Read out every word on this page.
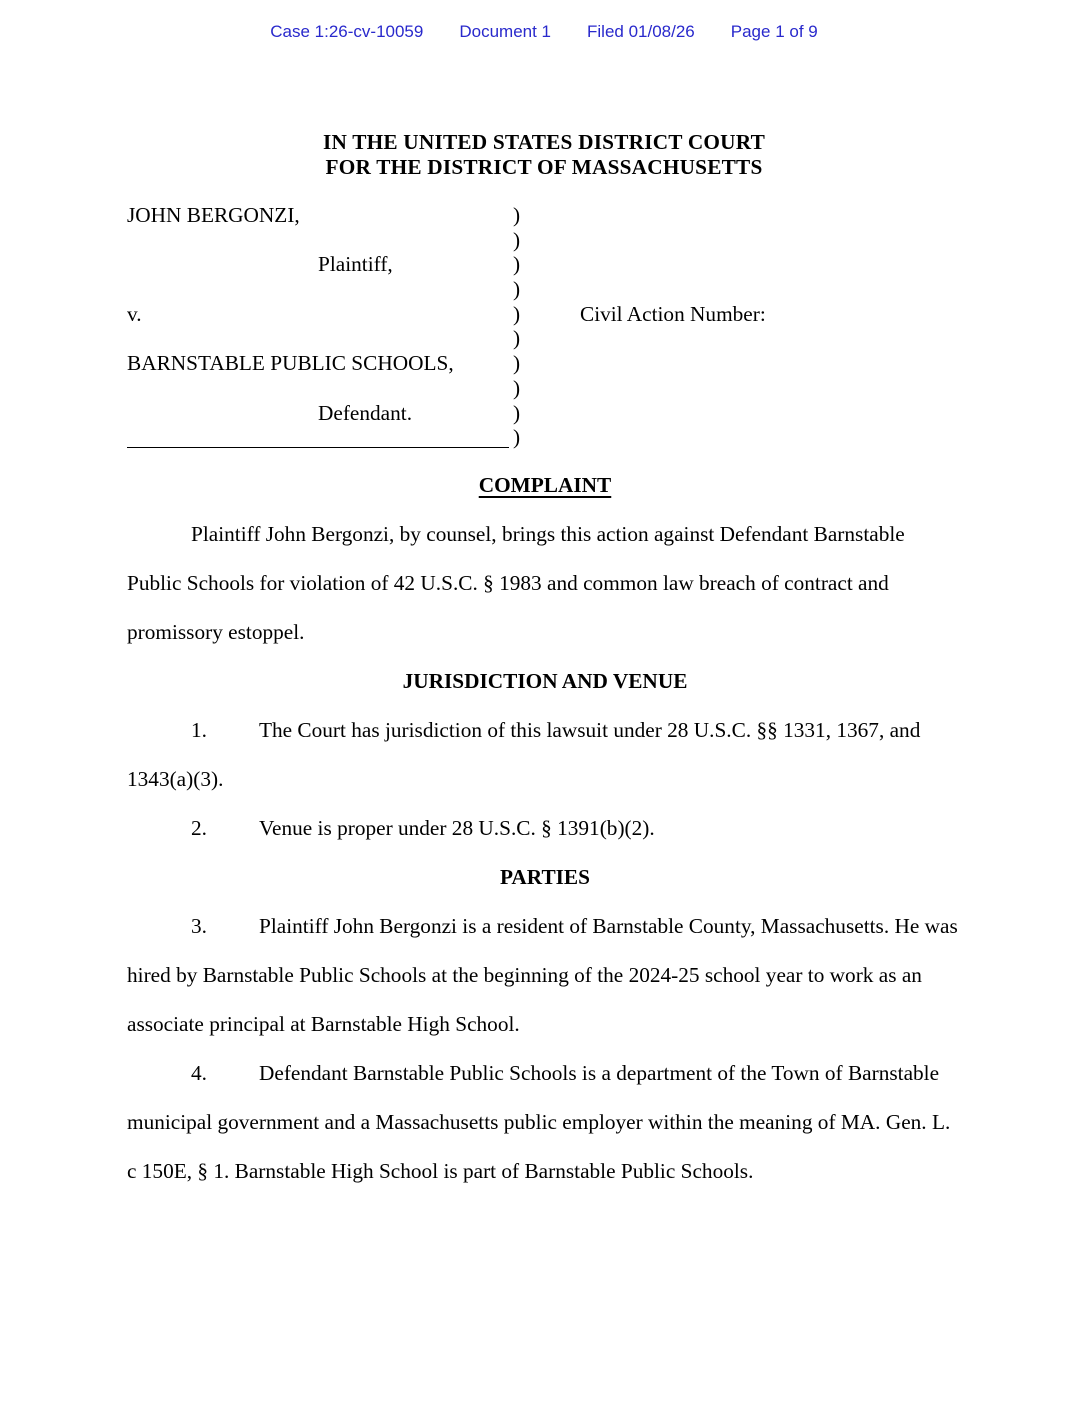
Case 1:26-cv-10059 Document 1 Filed 01/08/26 Page 1 of 9
IN THE UNITED STATES DISTRICT COURT
FOR THE DISTRICT OF MASSACHUSETTS
JOHN BERGONZI,	)
)
Plaintiff,	)
)
v.	)
)
BARNSTABLE PUBLIC SCHOOLS,	)
)
Defendant.	)
)
Civil Action Number:
COMPLAINT

Plaintiff John Bergonzi, by counsel, brings this action against Defendant Barnstable Public Schools for violation of 42 U.S.C. § 1983 and common law breach of contract and promissory estoppel.

JURISDICTION AND VENUE

1. The Court has jurisdiction of this lawsuit under 28 U.S.C. §§ 1331, 1367, and 1343(a)(3).

2. Venue is proper under 28 U.S.C. § 1391(b)(2).

PARTIES

3. Plaintiff John Bergonzi is a resident of Barnstable County, Massachusetts. He was hired by Barnstable Public Schools at the beginning of the 2024-25 school year to work as an associate principal at Barnstable High School.

4. Defendant Barnstable Public Schools is a department of the Town of Barnstable municipal government and a Massachusetts public employer within the meaning of MA. Gen. L. c 150E, § 1. Barnstable High School is part of Barnstable Public Schools.
